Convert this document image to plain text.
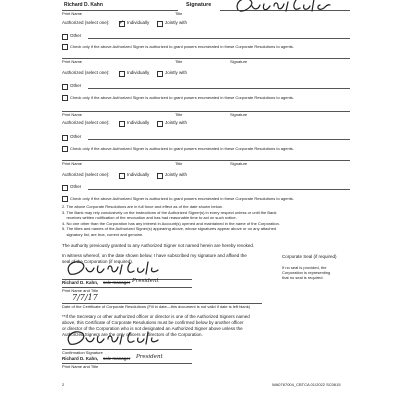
Richard D. Kahn
Print Name	Title
Signature
Authorized (select one):
✓	Individually	Jointly with
Other
Check only if the above Authorized Signer is authorized to grant powers enumerated in these Corporate Resolutions to agents.
Print Name	Title	Signature
Authorized (select one):	Individually	Jointly with
Other
Check only if the above Authorized Signer is authorized to grant powers enumerated in these Corporate Resolutions to agents.
Print Name	Title	Signature
Authorized (select one):	Individually	Jointly with
Other
Check only if the above Authorized Signer is authorized to grant powers enumerated in these Corporate Resolutions to agents.
Print Name	Title	Signature
Authorized (select one):	Individually	Jointly with
Other
Check only if the above Authorized Signer is authorized to grant powers enumerated in these Corporate Resolutions to agents.
2. The above Corporate Resolutions are in full force and effect as of the date shown below.
3. The Bank may rely conclusively on the instructions of the Authorized Signer(s) in every respect unless or until the Bank
receives written notification of the revocation and has had reasonable time to act on such notice.
4. No one other than the Corporation has any interest in Account(s) opened and maintained in the name of the Corporation.
5. The titles and names of the Authorized Signer(s) appearing above, whose signatures appear above or on any attached
signatory list, are true, correct and genuine.
The authority previously granted to any Authorized Signer not named herein are hereby revoked.
In witness whereof, on the date shown below, I have subscribed my signature and affixed the
seal of the Corporation (if required).
Corporate Seal (if required)
If no seal is provided, the
Corporation is representing
that no seal is required.
Richard D. Kahn, sole manager President
Print Name and Title
7/7/17
Date of the Certificate of Corporate Resolutions (Fill in date—this document is not valid if date is left blank)
**If the Secretary or other authorized officer or director is one of the Authorized Signers named
above, this Certificate of Corporate Resolutions must be confirmed below by another officer
or director of the Corporation who is not designated an Authorized Signer above unless the
Authorized Signers are the only officers or directors of the Corporation.
Confirmation Signature
Richard D. Kahn, sole manager President
Print Name and Title
2	WA0767004_CBTCA 01/2022 SC0615
